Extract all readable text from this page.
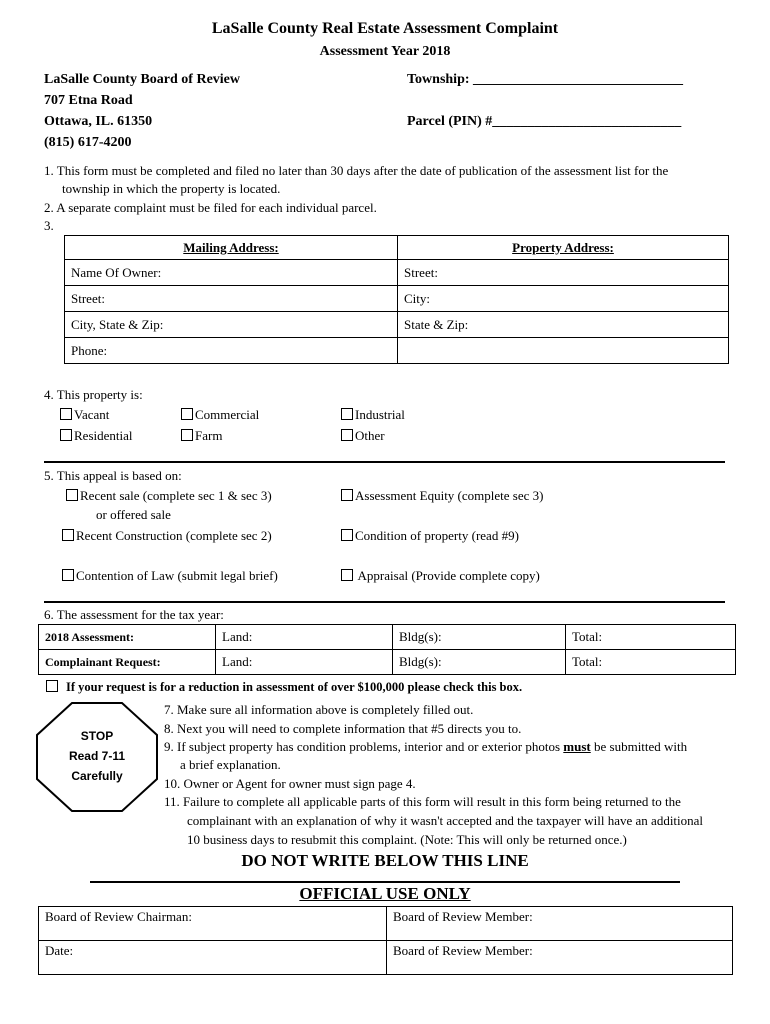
LaSalle County Real Estate Assessment Complaint
Assessment Year 2018
LaSalle County Board of Review
707 Etna Road
Ottawa, IL. 61350
(815) 617-4200
Township: ______________________________
Parcel (PIN) #___________________________
1. This form must be completed and filed no later than 30 days after the date of publication of the assessment list for the
township in which the property is located.
2. A separate complaint must be filed for each individual parcel.
3.
Mailing Address:	Property Address:
Name Of Owner:	Street:
Street:	City:
City, State & Zip:	State & Zip:
Phone:	
4. This property is:
Vacant	Commercial	Industrial
Residential	Farm	Other
5. This appeal is based on:
Recent sale (complete sec 1 & sec 3)
or offered sale
Assessment Equity (complete sec 3)
Recent Construction (complete sec 2)	Condition of property (read #9)
Contention of Law (submit legal brief)	Appraisal (Provide complete copy)
6. The assessment for the tax year:
2018 Assessment:	Land:	Bldg(s):	Total:
Complainant Request:	Land:	Bldg(s):	Total:
If your request is for a reduction in assessment of over $100,000 please check this box.
STOP
Read 7-11
Carefully
7. Make sure all information above is completely filled out.
8. Next you will need to complete information that #5 directs you to.
9. If subject property has condition problems, interior and or exterior photos must be submitted with
a brief explanation.
10. Owner or Agent for owner must sign page 4.
11. Failure to complete all applicable parts of this form will result in this form being returned to the
complainant with an explanation of why it wasn't accepted and the taxpayer will have an additional
10 business days to resubmit this complaint. (Note: This will only be returned once.)
DO NOT WRITE BELOW THIS LINE
OFFICIAL USE ONLY
Board of Review Chairman:	Board of Review Member:
Date:	Board of Review Member:
